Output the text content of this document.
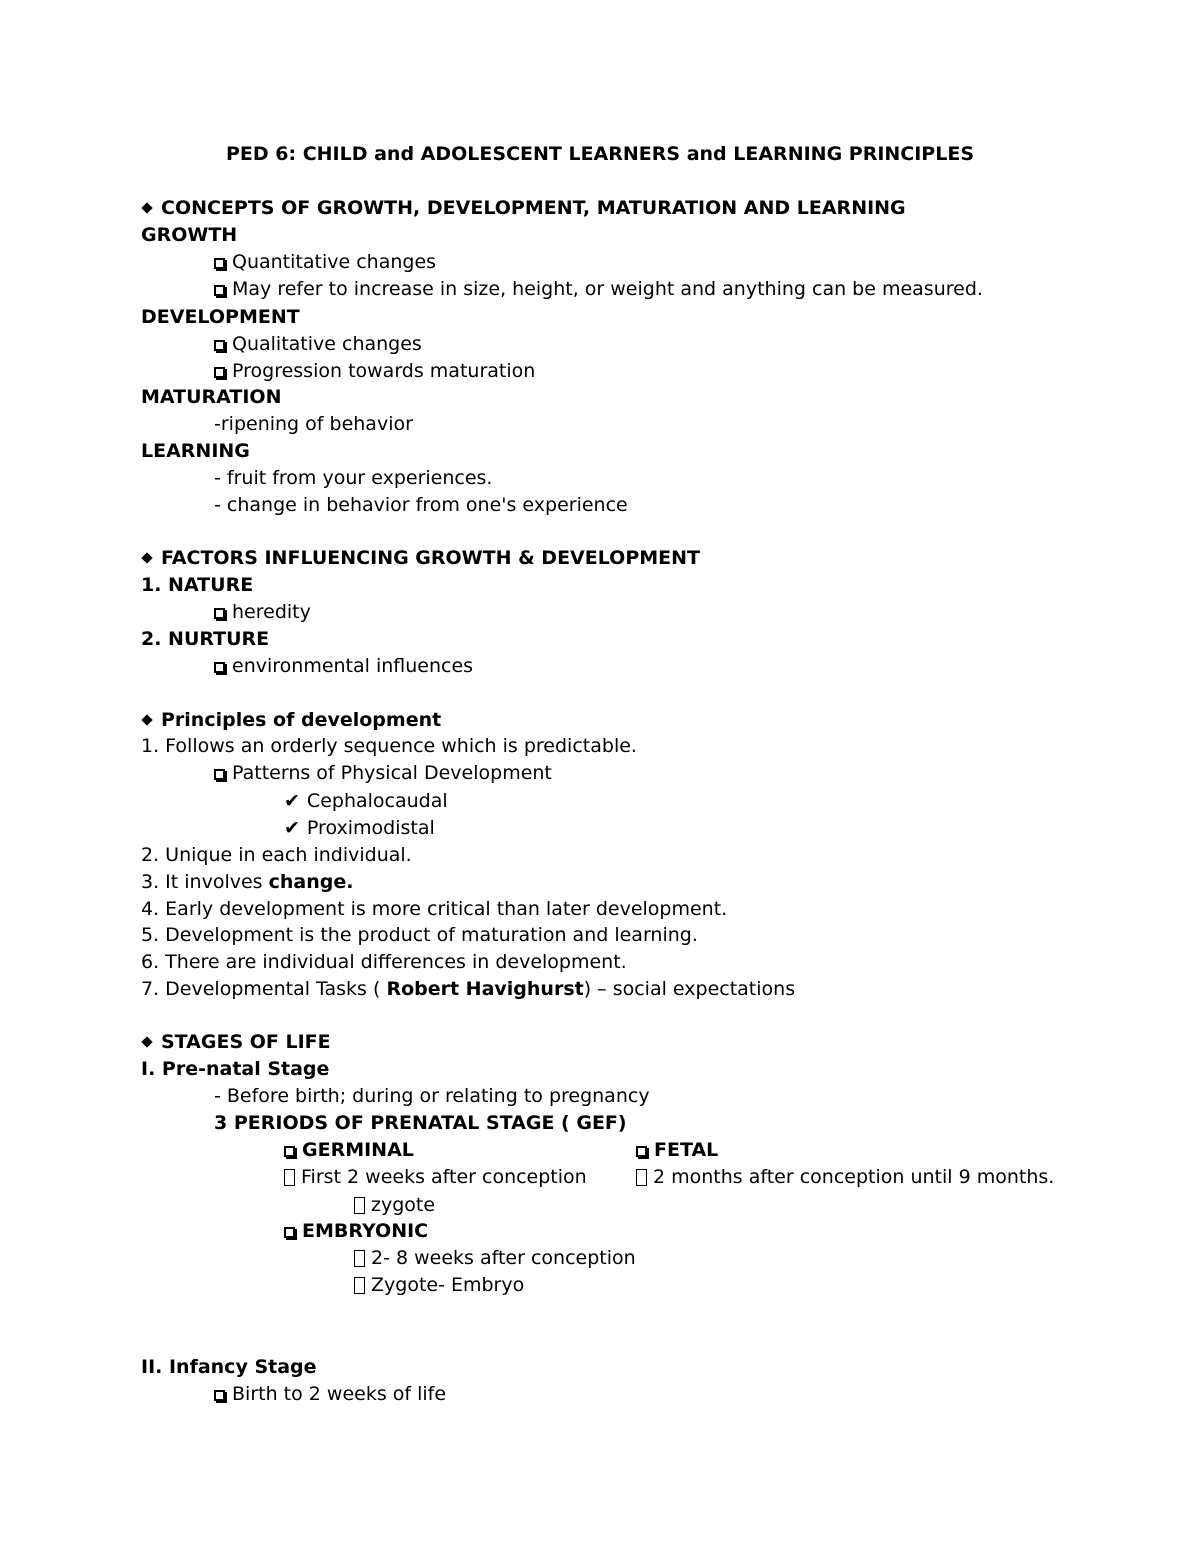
PED 6: CHILD and ADOLESCENT LEARNERS and LEARNING PRINCIPLES
CONCEPTS OF GROWTH, DEVELOPMENT, MATURATION AND LEARNING
GROWTH
Quantitative changes
May refer to increase in size, height, or weight and anything can be measured.
DEVELOPMENT
Qualitative changes
Progression towards maturation
MATURATION
-ripening of behavior
LEARNING
- fruit from your experiences.
- change in behavior from one's experience
FACTORS INFLUENCING GROWTH & DEVELOPMENT
1. NATURE
heredity
2. NURTURE
environmental influences
Principles of development
1. Follows an orderly sequence which is predictable.
Patterns of Physical Development
✔ Cephalocaudal
✔ Proximodistal
2. Unique in each individual.
3. It involves change.
4. Early development is more critical than later development.
5. Development is the product of maturation and learning.
6. There are individual differences in development.
7. Developmental Tasks ( Robert Havighurst) – social expectations
STAGES OF LIFE
I. Pre-natal Stage
- Before birth; during or relating to pregnancy
3 PERIODS OF PRENATAL STAGE ( GEF)
GERMINAL	FETAL
First 2 weeks after conception	2 months after conception until 9 months.
zygote
EMBRYONIC
2- 8 weeks after conception
Zygote- Embryo
II. Infancy Stage
Birth to 2 weeks of life
